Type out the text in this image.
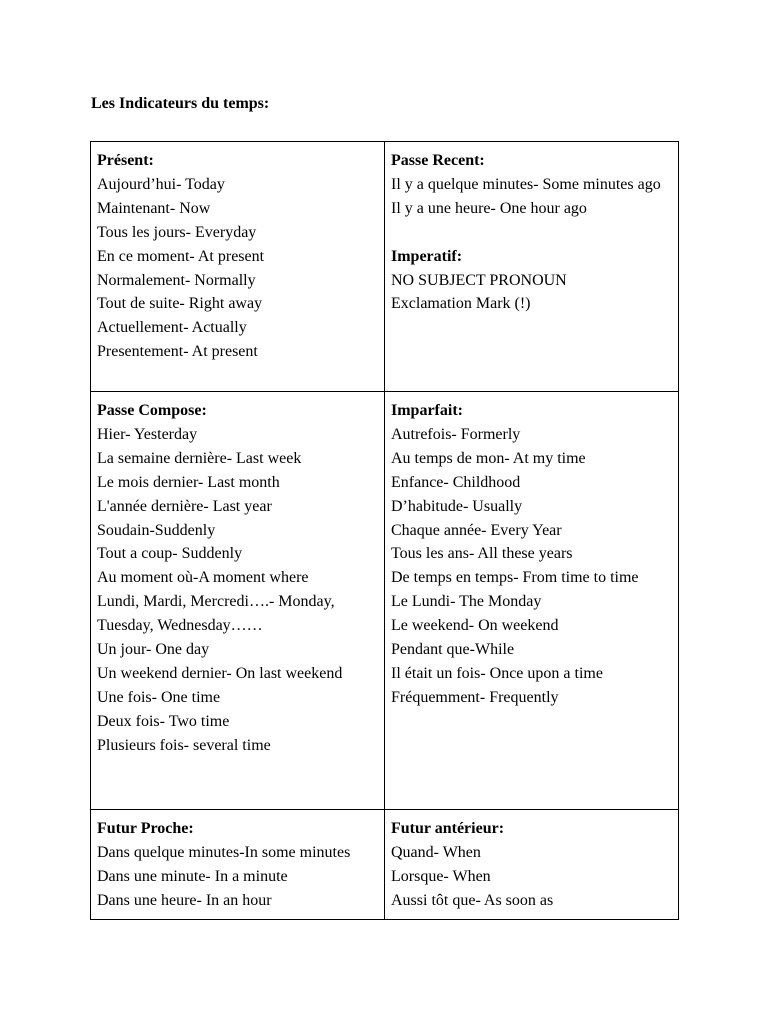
Les Indicateurs du temps:
Présent:
Aujourd’hui- Today
Maintenant- Now
Tous les jours- Everyday
En ce moment- At present
Normalement- Normally
Tout de suite- Right away
Actuellement- Actually
Presentement- At present
Passe Recent:
Il y a quelque minutes- Some minutes ago
Il y a une heure- One hour ago
Imperatif:
NO SUBJECT PRONOUN
Exclamation Mark (!)
Passe Compose:
Hier- Yesterday
La semaine dernière- Last week
Le mois dernier- Last month
L'année dernière- Last year
Soudain-Suddenly
Tout a coup- Suddenly
Au moment où-A moment where
Lundi, Mardi, Mercredi….- Monday, Tuesday, Wednesday……
Un jour- One day
Un weekend dernier- On last weekend
Une fois- One time
Deux fois- Two time
Plusieurs fois- several time
Imparfait:
Autrefois- Formerly
Au temps de mon- At my time
Enfance- Childhood
D’habitude- Usually
Chaque année- Every Year
Tous les ans- All these years
De temps en temps- From time to time
Le Lundi- The Monday
Le weekend- On weekend
Pendant que-While
Il était un fois- Once upon a time
Fréquemment- Frequently
Futur Proche:
Dans quelque minutes-In some minutes
Dans une minute- In a minute
Dans une heure- In an hour
Futur antérieur:
Quand- When
Lorsque- When
Aussi tôt que- As soon as
